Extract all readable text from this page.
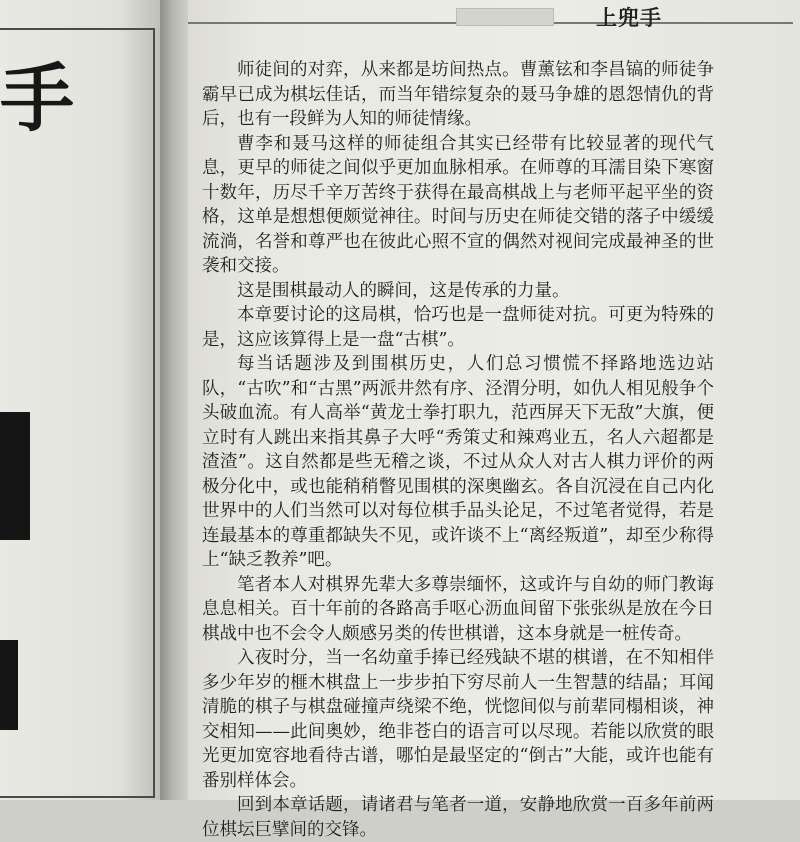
手
上兜手

师徒间的对弈，从来都是坊间热点。曹薰铉和李昌镐的师徒争霸早已成为棋坛佳话，而当年错综复杂的聂马争雄的恩怨情仇的背后，也有一段鲜为人知的师徒情缘。

曹李和聂马这样的师徒组合其实已经带有比较显著的现代气息，更早的师徒之间似乎更加血脉相承。在师尊的耳濡目染下寒窗十数年，历尽千辛万苦终于获得在最高棋战上与老师平起平坐的资格，这单是想想便颇觉神往。时间与历史在师徒交错的落子中缓缓流淌，名誉和尊严也在彼此心照不宣的偶然对视间完成最神圣的世袭和交接。

这是围棋最动人的瞬间，这是传承的力量。

本章要讨论的这局棋，恰巧也是一盘师徒对抗。可更为特殊的是，这应该算得上是一盘“古棋”。

每当话题涉及到围棋历史，人们总习惯慌不择路地选边站队，“古吹”和“古黑”两派井然有序、泾渭分明，如仇人相见般争个头破血流。有人高举“黄龙士拳打职九，范西屏天下无敌”大旗，便立时有人跳出来指其鼻子大呼“秀策丈和辣鸡业五，名人六超都是渣渣”。这自然都是些无稽之谈，不过从众人对古人棋力评价的两极分化中，或也能稍稍瞥见围棋的深奥幽玄。各自沉浸在自己内化世界中的人们当然可以对每位棋手品头论足，不过笔者觉得，若是连最基本的尊重都缺失不见，或许谈不上“离经叛道”，却至少称得上“缺乏教养”吧。

笔者本人对棋界先辈大多尊崇缅怀，这或许与自幼的师门教诲息息相关。百十年前的各路高手呕心沥血间留下张张纵是放在今日棋战中也不会令人颇感另类的传世棋谱，这本身就是一桩传奇。

入夜时分，当一名幼童手捧已经残缺不堪的棋谱，在不知相伴多少年岁的榧木棋盘上一步步拍下穷尽前人一生智慧的结晶；耳闻清脆的棋子与棋盘碰撞声绕梁不绝，恍惚间似与前辈同榻相谈，神交相知——此间奥妙，绝非苍白的语言可以尽现。若能以欣赏的眼光更加宽容地看待古谱，哪怕是最坚定的“倒古”大能，或许也能有番别样体会。

回到本章话题，请诸君与笔者一道，安静地欣赏一百多年前两位棋坛巨擘间的交锋。
